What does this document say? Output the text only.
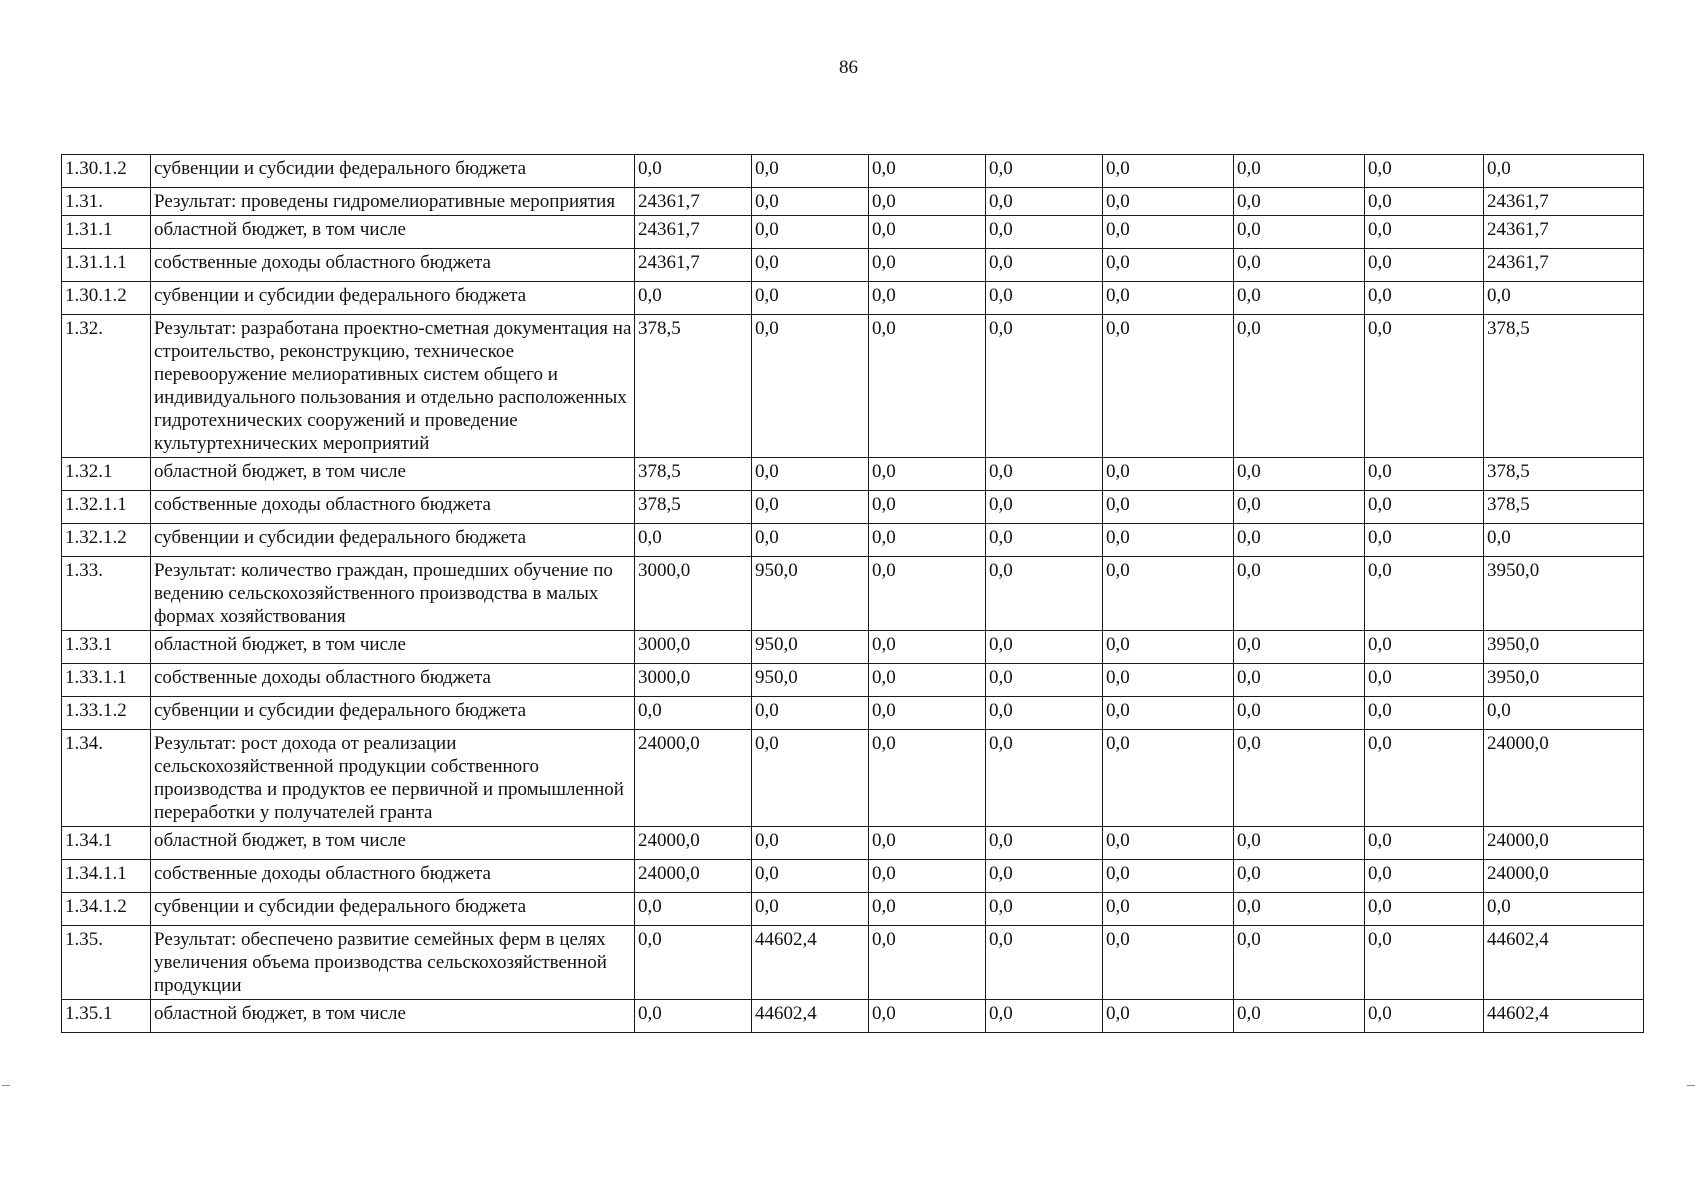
86
1.30.1.2	субвенции и субсидии федерального бюджета	0,0	0,0	0,0	0,0	0,0	0,0	0,0	0,0
1.31.	Результат: проведены гидромелиоративные мероприятия	24361,7	0,0	0,0	0,0	0,0	0,0	0,0	24361,7
1.31.1	областной бюджет, в том числе	24361,7	0,0	0,0	0,0	0,0	0,0	0,0	24361,7
1.31.1.1	собственные доходы областного бюджета	24361,7	0,0	0,0	0,0	0,0	0,0	0,0	24361,7
1.30.1.2	субвенции и субсидии федерального бюджета	0,0	0,0	0,0	0,0	0,0	0,0	0,0	0,0
1.32.	Результат: разработана проектно-сметная документация на строительство, реконструкцию, техническое перевооружение мелиоративных систем общего и индивидуального пользования и отдельно расположенных гидротехнических сооружений и проведение культуртехнических мероприятий	378,5	0,0	0,0	0,0	0,0	0,0	0,0	378,5
1.32.1	областной бюджет, в том числе	378,5	0,0	0,0	0,0	0,0	0,0	0,0	378,5
1.32.1.1	собственные доходы областного бюджета	378,5	0,0	0,0	0,0	0,0	0,0	0,0	378,5
1.32.1.2	субвенции и субсидии федерального бюджета	0,0	0,0	0,0	0,0	0,0	0,0	0,0	0,0
1.33.	Результат: количество граждан, прошедших обучение по ведению сельскохозяйственного производства в малых формах хозяйствования	3000,0	950,0	0,0	0,0	0,0	0,0	0,0	3950,0
1.33.1	областной бюджет, в том числе	3000,0	950,0	0,0	0,0	0,0	0,0	0,0	3950,0
1.33.1.1	собственные доходы областного бюджета	3000,0	950,0	0,0	0,0	0,0	0,0	0,0	3950,0
1.33.1.2	субвенции и субсидии федерального бюджета	0,0	0,0	0,0	0,0	0,0	0,0	0,0	0,0
1.34.	Результат: рост дохода от реализации сельскохозяйственной продукции собственного производства и продуктов ее первичной и промышленной переработки у получателей гранта	24000,0	0,0	0,0	0,0	0,0	0,0	0,0	24000,0
1.34.1	областной бюджет, в том числе	24000,0	0,0	0,0	0,0	0,0	0,0	0,0	24000,0
1.34.1.1	собственные доходы областного бюджета	24000,0	0,0	0,0	0,0	0,0	0,0	0,0	24000,0
1.34.1.2	субвенции и субсидии федерального бюджета	0,0	0,0	0,0	0,0	0,0	0,0	0,0	0,0
1.35.	Результат: обеспечено развитие семейных ферм в целях увеличения объема производства сельскохозяйственной продукции	0,0	44602,4	0,0	0,0	0,0	0,0	0,0	44602,4
1.35.1	областной бюджет, в том числе	0,0	44602,4	0,0	0,0	0,0	0,0	0,0	44602,4
